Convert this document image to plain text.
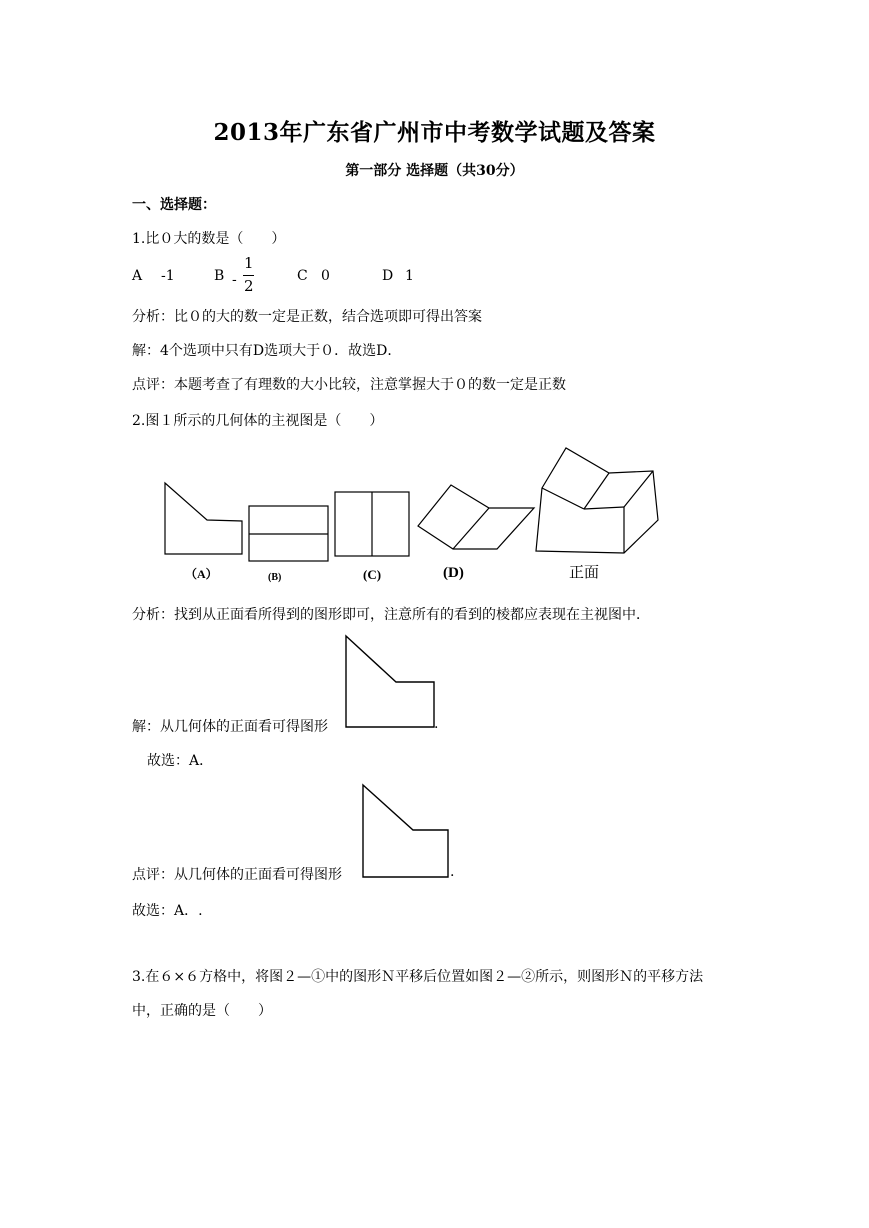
2013年广东省广州市中考数学试题及答案
第一部分 选择题（共30分）
一、选择题：
1.比０大的数是（　　）
A -1	B -
1
2
C 0	D 1
分析：比０的大的数一定是正数，结合选项即可得出答案
解：4个选项中只有D选项大于０．故选D．
点评：本题考查了有理数的大小比较，注意掌握大于０的数一定是正数
2.图１所示的几何体的主视图是（　　）
（A）	(B)	(C)	(D)	正面
分析：找到从正面看所得到的图形即可，注意所有的看到的棱都应表现在主视图中．
解：从几何体的正面看可得图形	.
故选：A．
点评：从几何体的正面看可得图形	.
故选：A．.
3.在６×６方格中，将图２—①中的图形Ｎ平移后位置如图２—②所示，则图形Ｎ的平移方法
中，正确的是（　　）
